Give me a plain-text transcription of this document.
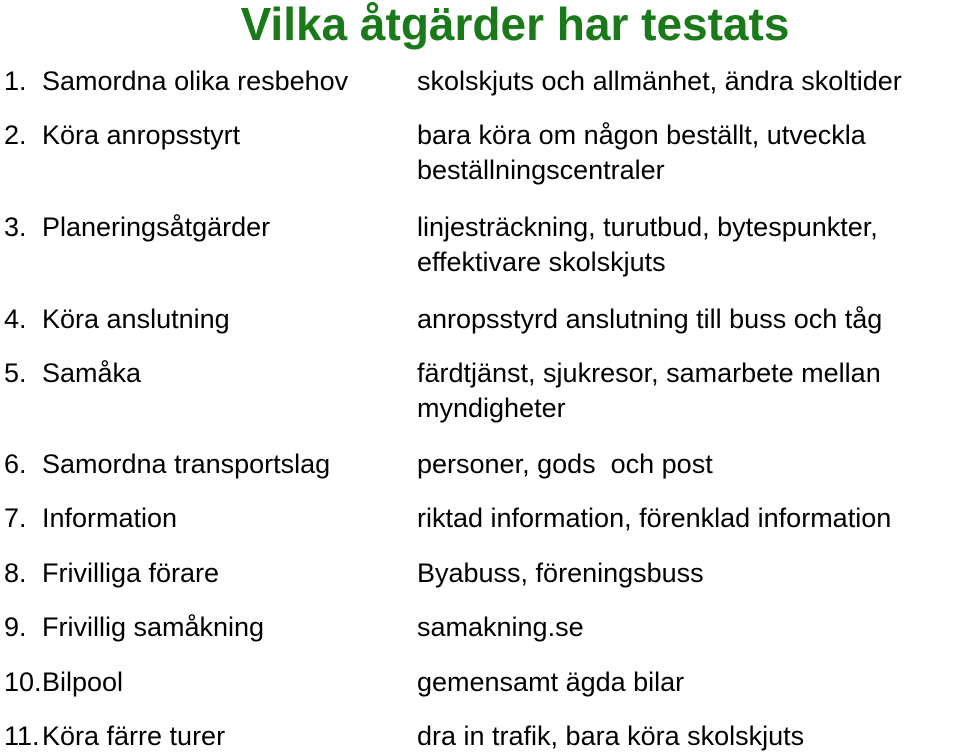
Vilka åtgärder har testats
1. Samordna olika resbehov	skolskjuts och allmänhet, ändra skoltider
2. Köra anropsstyrt	bara köra om någon beställt, utveckla beställningscentraler
3. Planeringsåtgärder	linjesträckning, turutbud, bytespunkter, effektivare skolskjuts
4. Köra anslutning	anropsstyrd anslutning till buss och tåg
5. Samåka	färdtjänst, sjukresor, samarbete mellan myndigheter
6. Samordna transportslag	personer, gods  och post
7. Information	riktad information, förenklad information
8. Frivilliga förare	Byabuss, föreningsbuss
9. Frivillig samåkning	samakning.se
10. Bilpool	gemensamt ägda bilar
11. Köra färre turer	dra in trafik, bara köra skolskjuts
